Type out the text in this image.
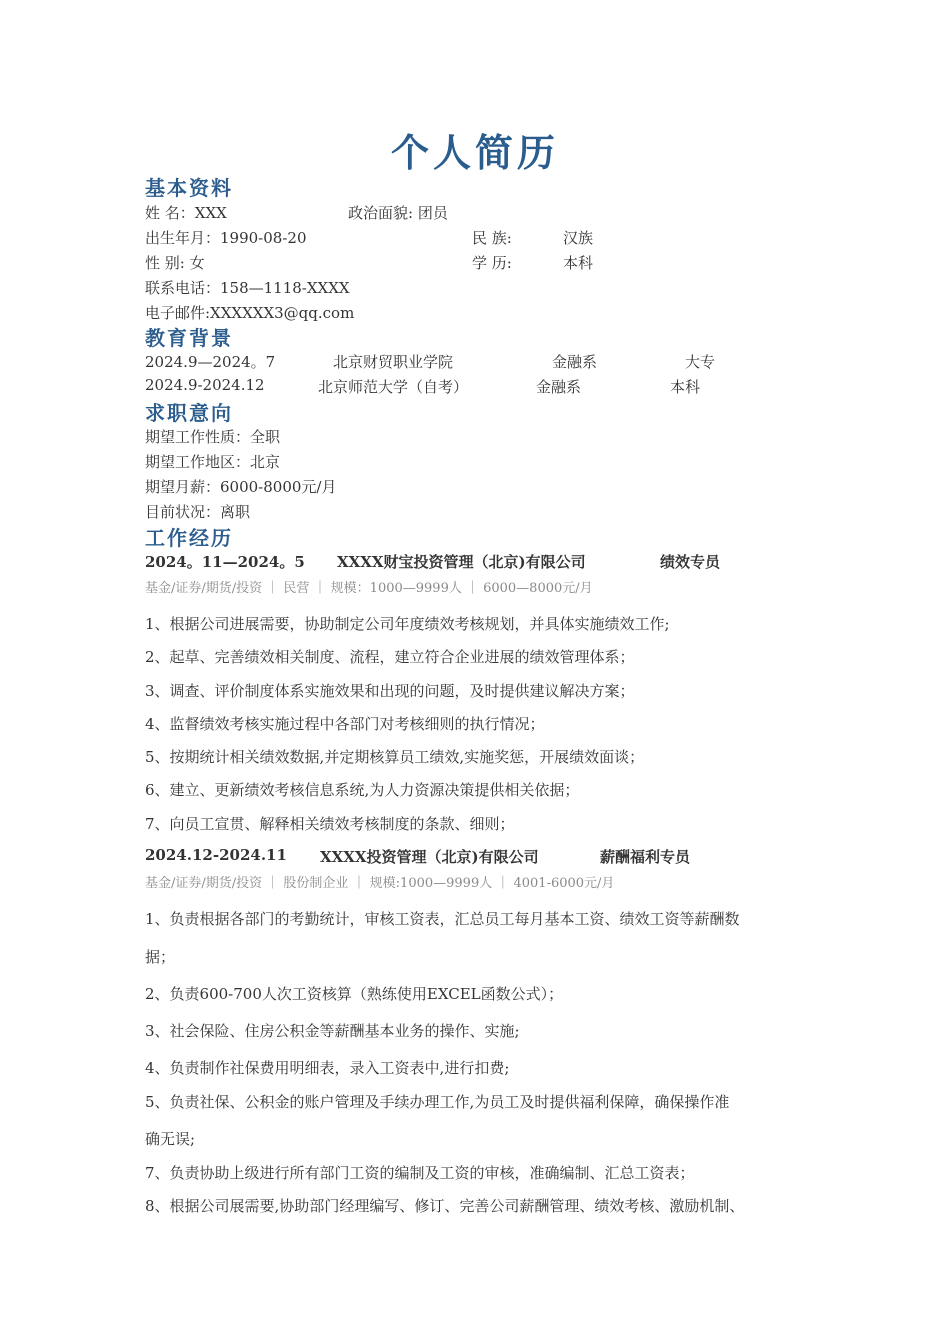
个人简历
基本资料
姓 名：XXX	政治面貌: 团员
出生年月：1990-08-20	民 族:	汉族
性 别: 女	学 历:	本科
联系电话：158—1118-XXXX
电子邮件:XXXXXX3@qq.com
教育背景
2024.9—2024。7	北京财贸职业学院	金融系	大专
2024.9-2024.12	北京师范大学（自考）	金融系	本科
求职意向
期望工作性质：全职
期望工作地区：北京
期望月薪：6000-8000元/月
目前状况：离职
工作经历
2024。11—2024。5 XXXX财宝投资管理（北京)有限公司	绩效专员
基金/证券/期货/投资 ｜ 民营 ｜ 规模：1000—9999人 ｜ 6000—8000元/月
1、根据公司进展需要，协助制定公司年度绩效考核规划，并具体实施绩效工作;
2、起草、完善绩效相关制度、流程，建立符合企业进展的绩效管理体系；
3、调查、评价制度体系实施效果和出现的问题，及时提供建议解决方案；
4、监督绩效考核实施过程中各部门对考核细则的执行情况；
5、按期统计相关绩效数据,并定期核算员工绩效,实施奖惩，开展绩效面谈；
6、建立、更新绩效考核信息系统,为人力资源决策提供相关依据；
7、向员工宣贯、解释相关绩效考核制度的条款、细则；
2024.12-2024.11 XXXX投资管理（北京)有限公司	薪酬福利专员
基金/证券/期货/投资 ｜ 股份制企业 ｜ 规模:1000—9999人 ｜ 4001-6000元/月
1、负责根据各部门的考勤统计，审核工资表，汇总员工每月基本工资、绩效工资等薪酬数
据；
2、负责600-700人次工资核算（熟练使用EXCEL函数公式）；
3、社会保险、住房公积金等薪酬基本业务的操作、实施;
4、负责制作社保费用明细表，录入工资表中,进行扣费;
5、负责社保、公积金的账户管理及手续办理工作,为员工及时提供福利保障，确保操作准
确无误;
7、负责协助上级进行所有部门工资的编制及工资的审核，准确编制、汇总工资表；
8、根据公司展需要,协助部门经理编写、修订、完善公司薪酬管理、绩效考核、激励机制、
